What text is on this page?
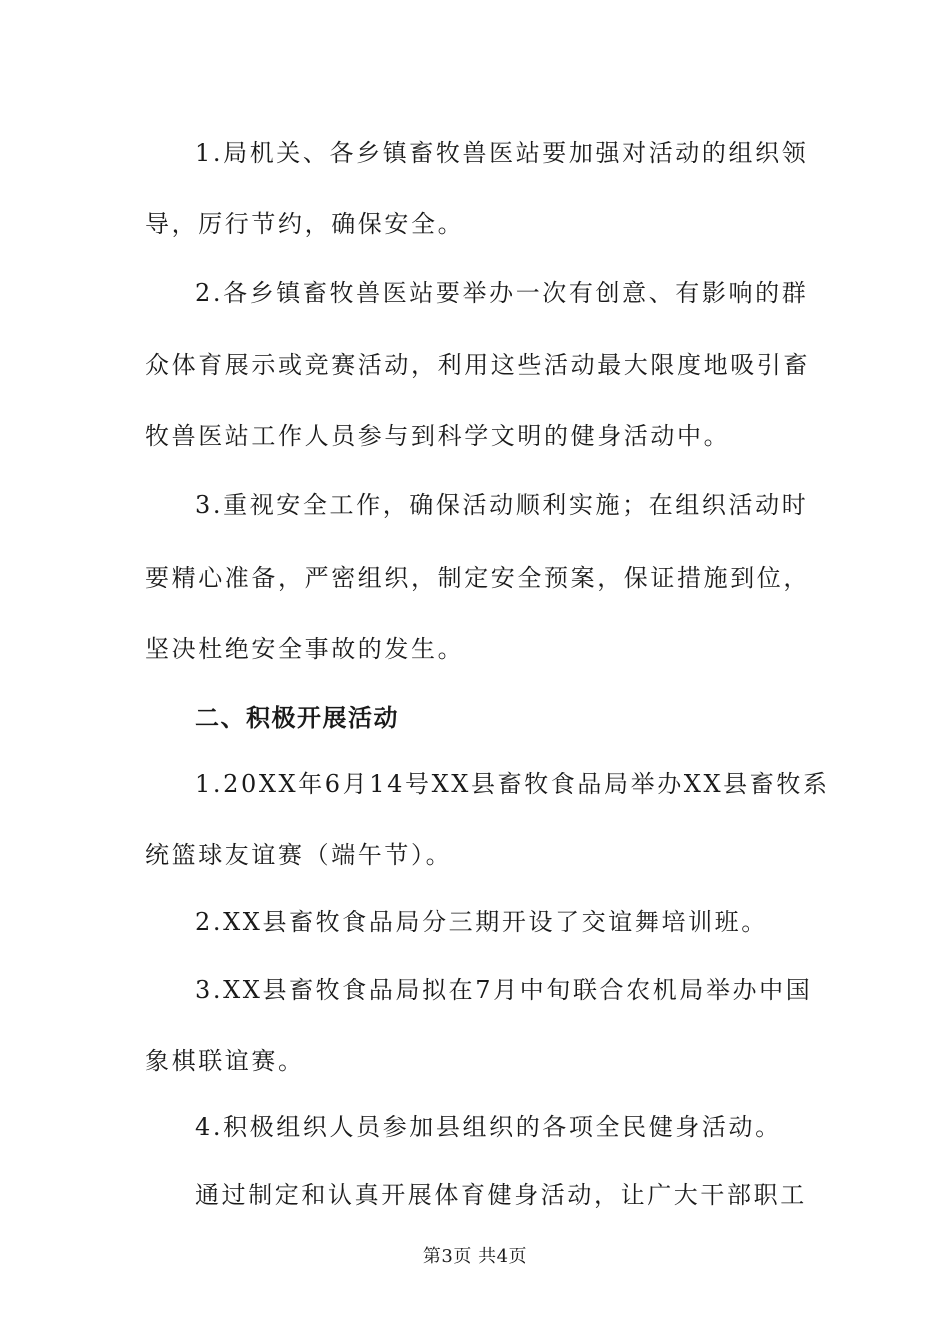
1.局机关、各乡镇畜牧兽医站要加强对活动的组织领

导，厉行节约，确保安全。

2.各乡镇畜牧兽医站要举办一次有创意、有影响的群

众体育展示或竞赛活动，利用这些活动最大限度地吸引畜

牧兽医站工作人员参与到科学文明的健身活动中。

3.重视安全工作，确保活动顺利实施；在组织活动时

要精心准备，严密组织，制定安全预案，保证措施到位，

坚决杜绝安全事故的发生。

二、积极开展活动

1.20XX年6月14号XX县畜牧食品局举办XX县畜牧系

统篮球友谊赛（端午节）。

2.XX县畜牧食品局分三期开设了交谊舞培训班。

3.XX县畜牧食品局拟在7月中旬联合农机局举办中国

象棋联谊赛。

4.积极组织人员参加县组织的各项全民健身活动。

通过制定和认真开展体育健身活动，让广大干部职工

第3页 共4页
